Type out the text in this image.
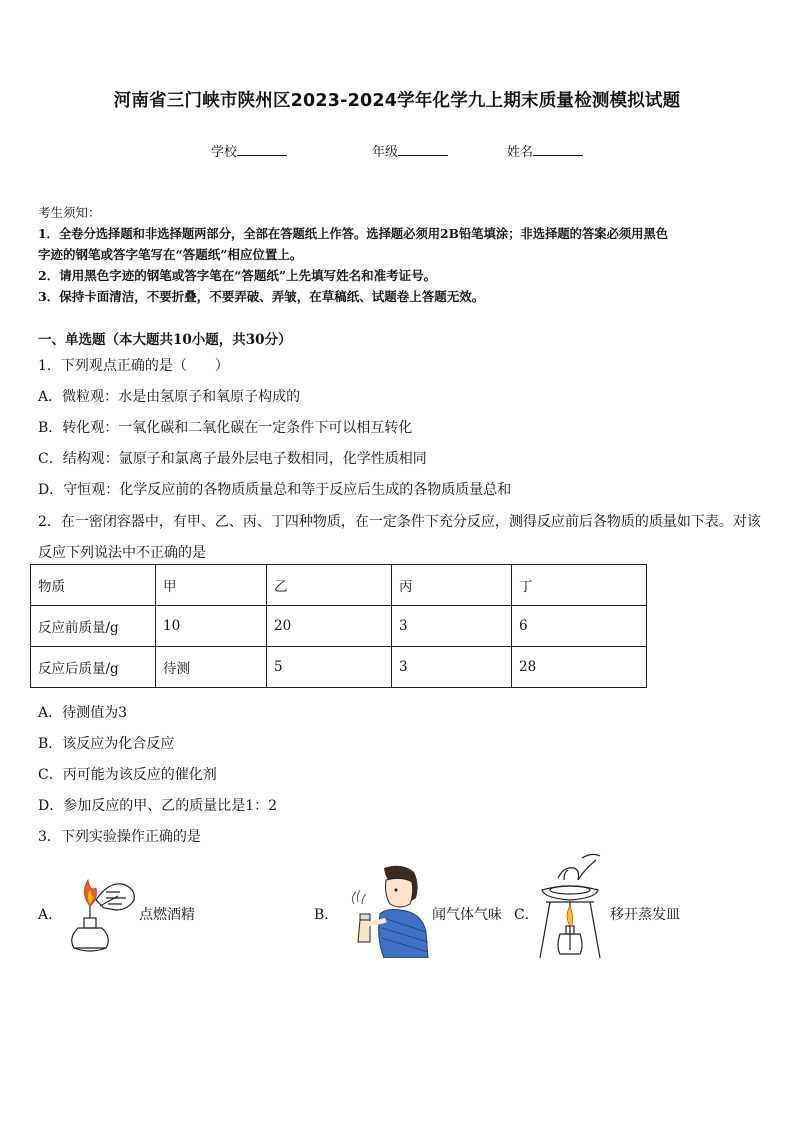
河南省三门峡市陕州区2023-2024学年化学九上期末质量检测模拟试题
学校	年级	姓名
考生须知：
1．全卷分选择题和非选择题两部分，全部在答题纸上作答。选择题必须用2B铅笔填涂；非选择题的答案必须用黑色
字迹的钢笔或答字笔写在“答题纸”相应位置上。
2．请用黑色字迹的钢笔或答字笔在“答题纸”上先填写姓名和准考证号。
3．保持卡面清洁，不要折叠，不要弄破、弄皱，在草稿纸、试题卷上答题无效。
一、单选题（本大题共10小题，共30分）
1．下列观点正确的是（　　）
A．微粒观：水是由氢原子和氧原子构成的
B．转化观：一氧化碳和二氧化碳在一定条件下可以相互转化
C．结构观：氩原子和氯离子最外层电子数相同，化学性质相同
D．守恒观：化学反应前的各物质质量总和等于反应后生成的各物质质量总和
2．在一密闭容器中，有甲、乙、丙、丁四种物质，在一定条件下充分反应，测得反应前后各物质的质量如下表。对该
反应下列说法中不正确的是
物质	甲	乙	丙	丁
反应前质量/g	10	20	3	6
反应后质量/g	待测	5	3	28
A．待测值为3
B．该反应为化合反应
C．丙可能为该反应的催化剂
D．参加反应的甲、乙的质量比是1：2
3．下列实验操作正确的是
A．	点燃酒精	B．	闻气体气味 C．	移开蒸发皿
